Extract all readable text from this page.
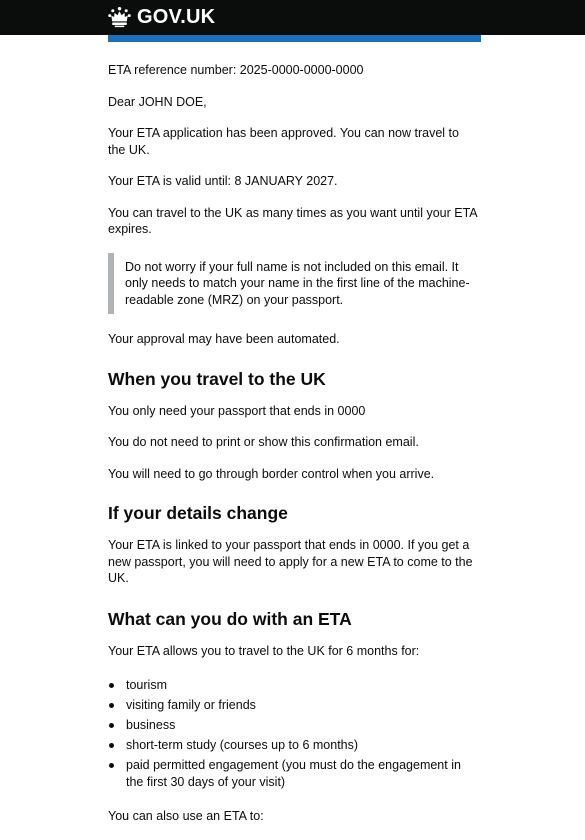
GOV.UK

ETA reference number: 2025-0000-0000-0000

Dear JOHN DOE,

Your ETA application has been approved. You can now travel to the UK.

Your ETA is valid until: 8 JANUARY 2027.

You can travel to the UK as many times as you want until your ETA expires.

Do not worry if your full name is not included on this email. It only needs to match your name in the first line of the machine-readable zone (MRZ) on your passport.

Your approval may have been automated.

When you travel to the UK

You only need your passport that ends in 0000

You do not need to print or show this confirmation email.

You will need to go through border control when you arrive.

If your details change

Your ETA is linked to your passport that ends in 0000. If you get a new passport, you will need to apply for a new ETA to come to the UK.

What can you do with an ETA

Your ETA allows you to travel to the UK for 6 months for:

tourism
visiting family or friends
business
short-term study (courses up to 6 months)
paid permitted engagement (you must do the engagement in the first 30 days of your visit)

You can also use an ETA to:
